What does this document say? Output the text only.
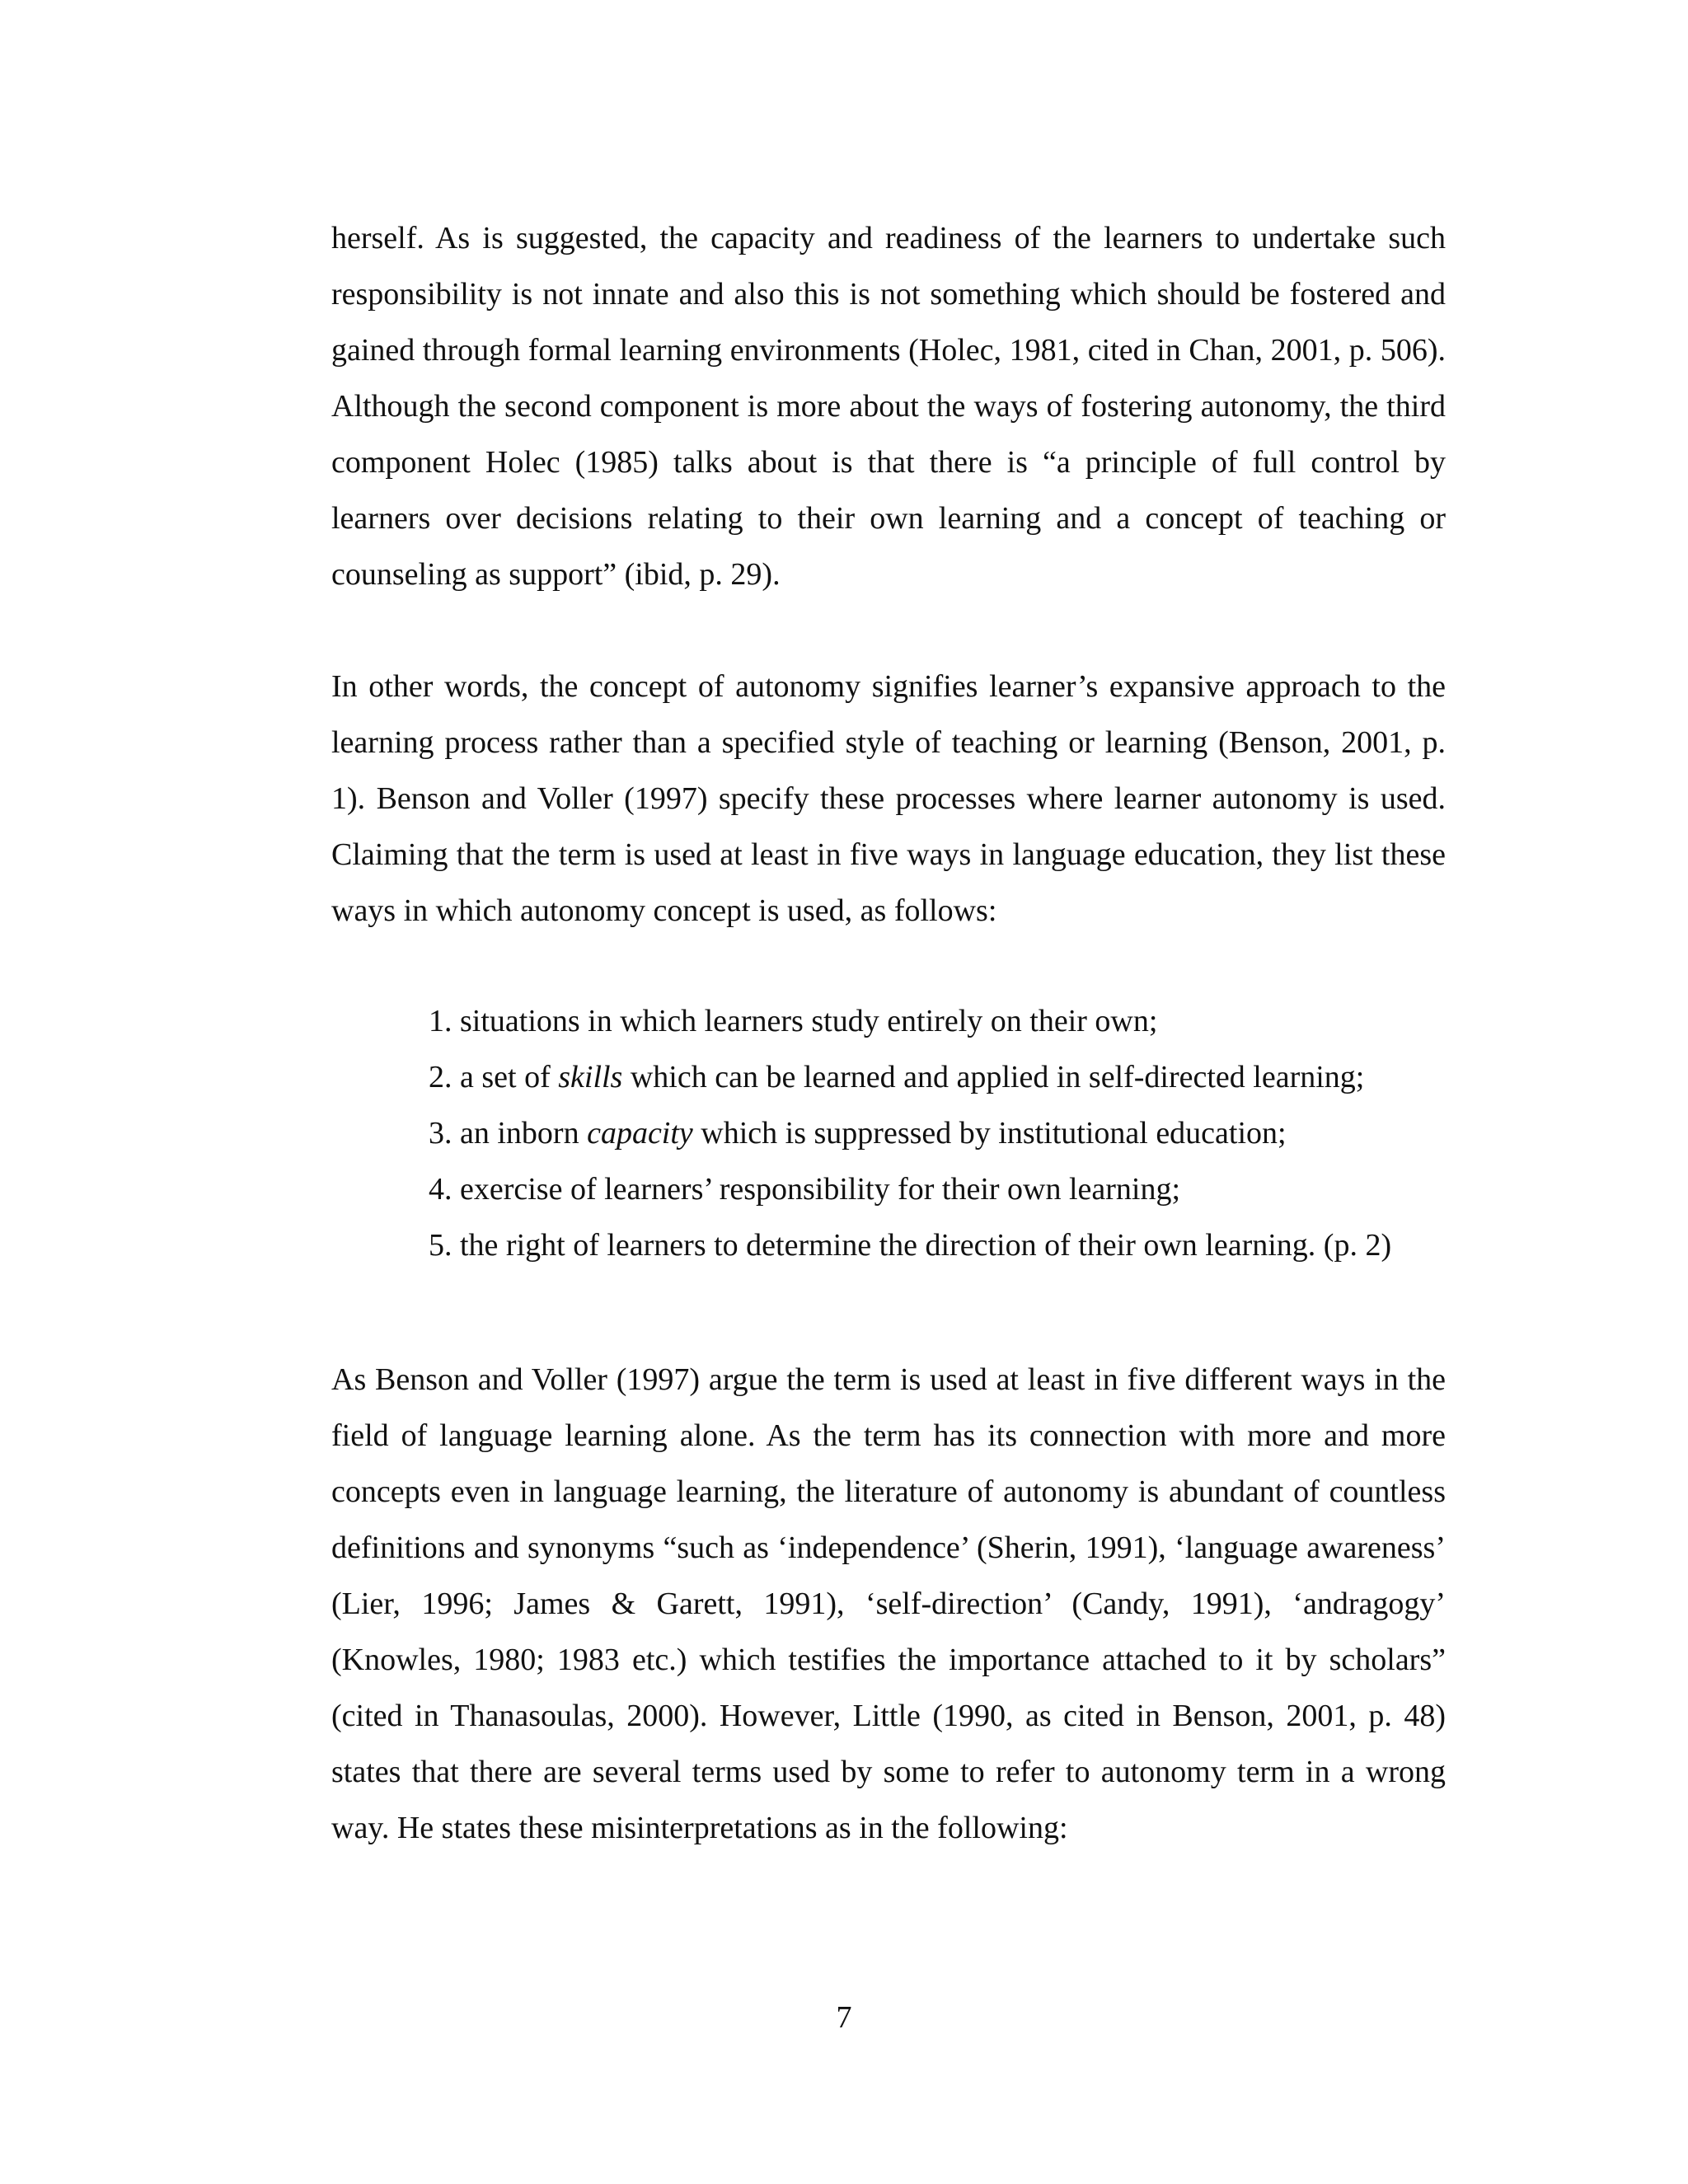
herself. As is suggested, the capacity and readiness of the learners to undertake such responsibility is not innate and also this is not something which should be fostered and gained through formal learning environments (Holec, 1981, cited in Chan, 2001, p. 506). Although the second component is more about the ways of fostering autonomy, the third component Holec (1985) talks about is that there is “a principle of full control by learners over decisions relating to their own learning and a concept of teaching or counseling as support” (ibid, p. 29).

In other words, the concept of autonomy signifies learner’s expansive approach to the learning process rather than a specified style of teaching or learning (Benson, 2001, p. 1). Benson and Voller (1997) specify these processes where learner autonomy is used. Claiming that the term is used at least in five ways in language education, they list these ways in which autonomy concept is used, as follows:

1. situations in which learners study entirely on their own;
2. a set of skills which can be learned and applied in self-directed learning;
3. an inborn capacity which is suppressed by institutional education;
4. exercise of learners’ responsibility for their own learning;
5. the right of learners to determine the direction of their own learning. (p. 2)

As Benson and Voller (1997) argue the term is used at least in five different ways in the field of language learning alone. As the term has its connection with more and more concepts even in language learning, the literature of autonomy is abundant of countless definitions and synonyms “such as ‘independence’ (Sherin, 1991), ‘language awareness’ (Lier, 1996; James & Garett, 1991), ‘self-direction’ (Candy, 1991), ‘andragogy’ (Knowles, 1980; 1983 etc.) which testifies the importance attached to it by scholars” (cited in Thanasoulas, 2000). However, Little (1990, as cited in Benson, 2001, p. 48) states that there are several terms used by some to refer to autonomy term in a wrong way. He states these misinterpretations as in the following:

7
